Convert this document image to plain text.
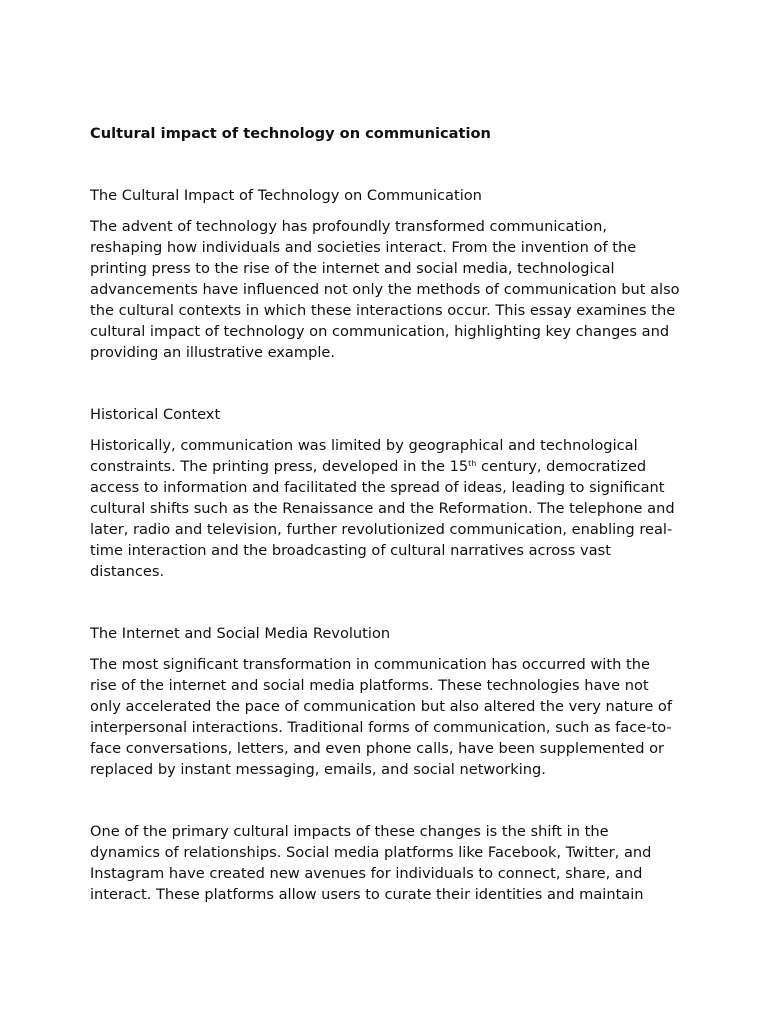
Cultural impact of technology on communication

The Cultural Impact of Technology on Communication

The advent of technology has profoundly transformed communication, reshaping how individuals and societies interact. From the invention of the printing press to the rise of the internet and social media, technological advancements have influenced not only the methods of communication but also the cultural contexts in which these interactions occur. This essay examines the cultural impact of technology on communication, highlighting key changes and providing an illustrative example.

Historical Context

Historically, communication was limited by geographical and technological constraints. The printing press, developed in the 15th century, democratized access to information and facilitated the spread of ideas, leading to significant cultural shifts such as the Renaissance and the Reformation. The telephone and later, radio and television, further revolutionized communication, enabling real-time interaction and the broadcasting of cultural narratives across vast distances.

The Internet and Social Media Revolution

The most significant transformation in communication has occurred with the rise of the internet and social media platforms. These technologies have not only accelerated the pace of communication but also altered the very nature of interpersonal interactions. Traditional forms of communication, such as face-to-face conversations, letters, and even phone calls, have been supplemented or replaced by instant messaging, emails, and social networking.

One of the primary cultural impacts of these changes is the shift in the dynamics of relationships. Social media platforms like Facebook, Twitter, and Instagram have created new avenues for individuals to connect, share, and interact. These platforms allow users to curate their identities and maintain
